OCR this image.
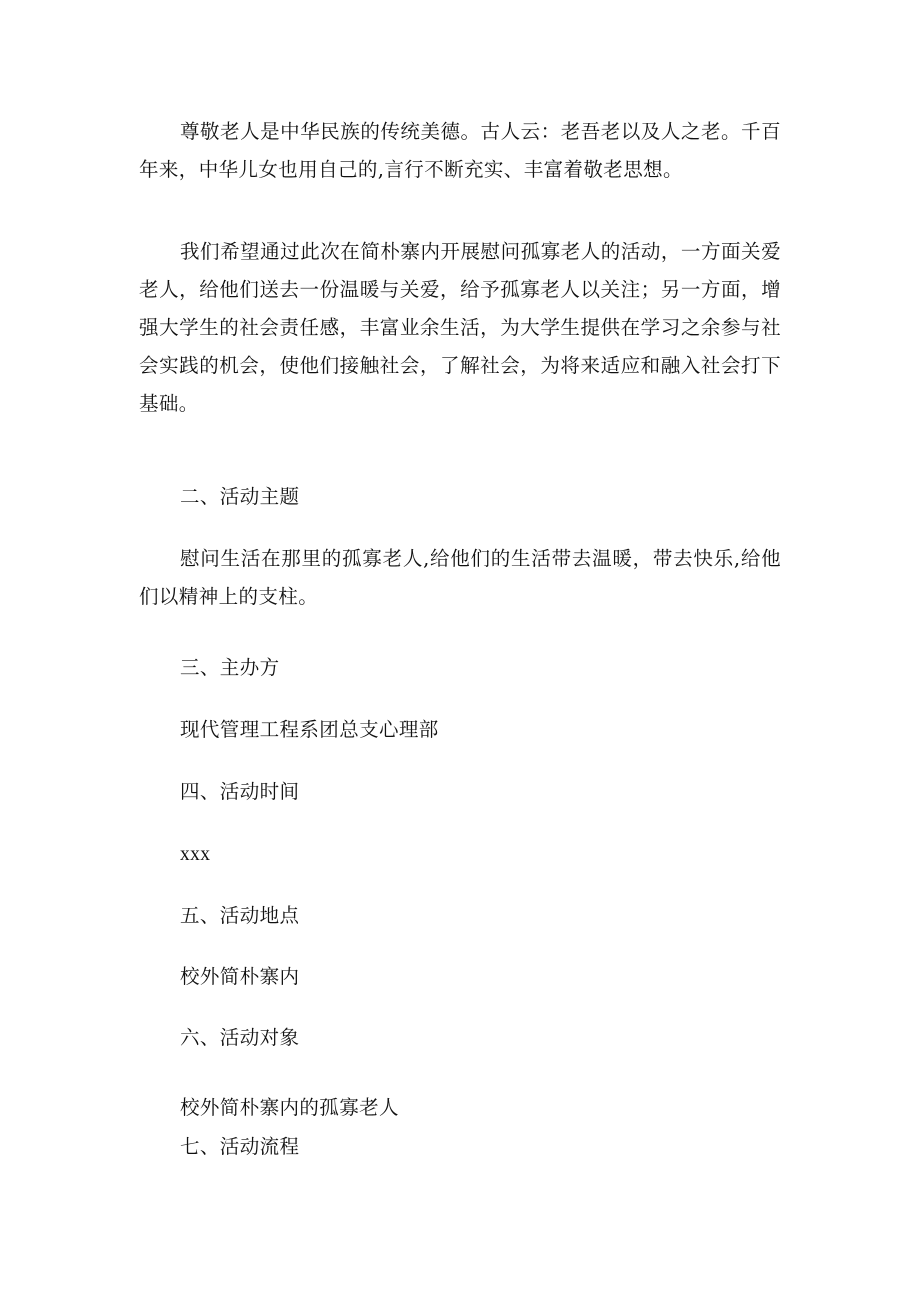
尊敬老人是中华民族的传统美德。古人云：老吾老以及人之老。千百年来，中华儿女也用自己的,言行不断充实、丰富着敬老思想。

我们希望通过此次在简朴寨内开展慰问孤寡老人的活动，一方面关爱老人，给他们送去一份温暖与关爱，给予孤寡老人以关注；另一方面，增强大学生的社会责任感，丰富业余生活，为大学生提供在学习之余参与社会实践的机会，使他们接触社会，了解社会，为将来适应和融入社会打下基础。

二、活动主题

慰问生活在那里的孤寡老人,给他们的生活带去温暖，带去快乐,给他们以精神上的支柱。

三、主办方

现代管理工程系团总支心理部

四、活动时间

xxx

五、活动地点

校外简朴寨内

六、活动对象

校外简朴寨内的孤寡老人

七、活动流程
